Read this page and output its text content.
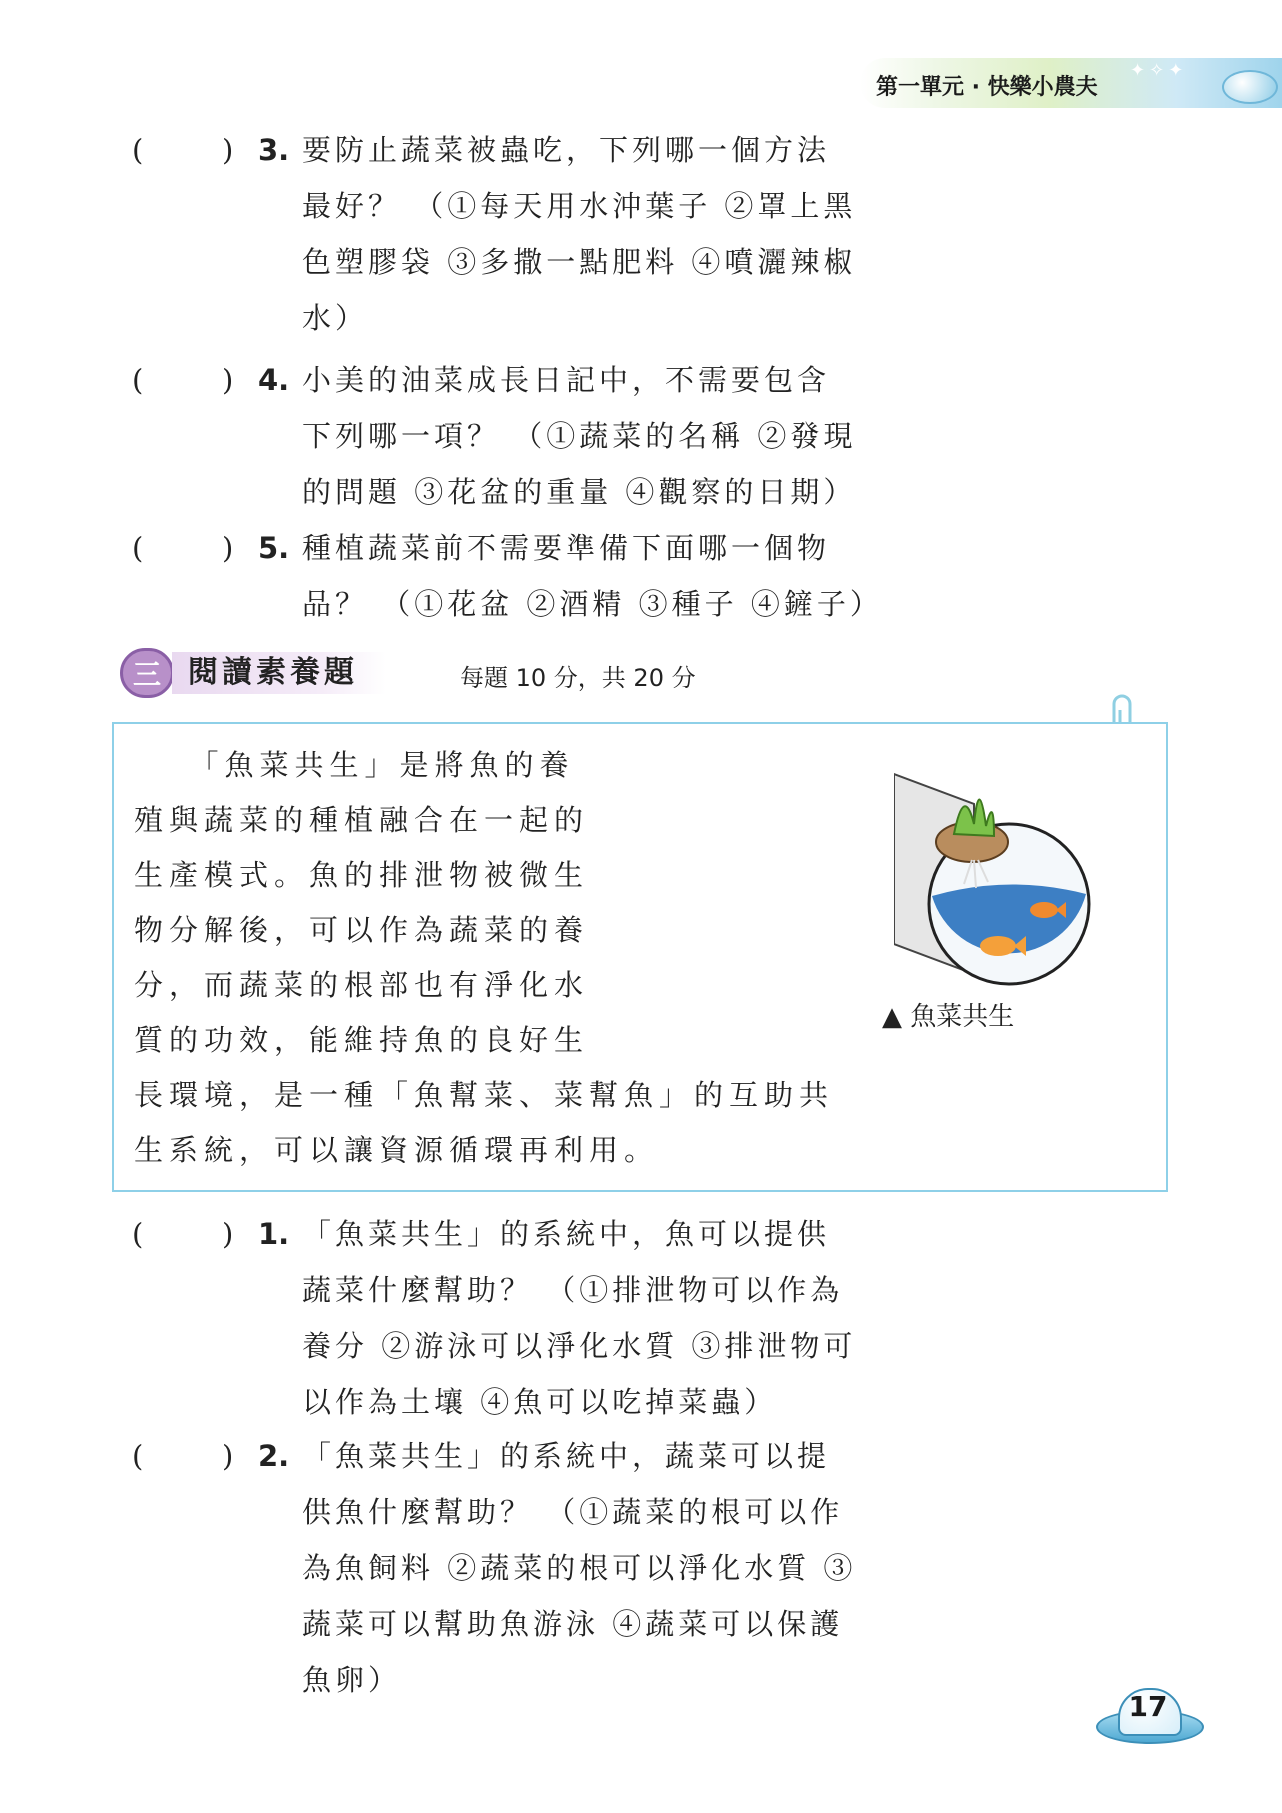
第一單元 · 快樂小農夫
✦ ✧ ✦
(	) 3. 要防止蔬菜被蟲吃，下列哪一個方法
最好？ （①每天用水沖葉子 ②罩上黑
色塑膠袋 ③多撒一點肥料 ④噴灑辣椒
水）
(	) 4. 小美的油菜成長日記中，不需要包含
下列哪一項？ （①蔬菜的名稱 ②發現
的問題 ③花盆的重量 ④觀察的日期）
(	) 5. 種植蔬菜前不需要準備下面哪一個物
品？ （①花盆 ②酒精 ③種子 ④鏟子）
三 閱讀素養題	每題 10 分，共 20 分
　　「魚菜共生」是將魚的養
殖與蔬菜的種植融合在一起的
生產模式。魚的排泄物被微生
物分解後，可以作為蔬菜的養
分，而蔬菜的根部也有淨化水
質的功效，能維持魚的良好生
長環境，是一種「魚幫菜、菜幫魚」的互助共
生系統，可以讓資源循環再利用。
▲ 魚菜共生
(	) 1. 「魚菜共生」的系統中，魚可以提供
蔬菜什麼幫助？ （①排泄物可以作為
養分 ②游泳可以淨化水質 ③排泄物可
以作為土壤 ④魚可以吃掉菜蟲）
(	) 2. 「魚菜共生」的系統中，蔬菜可以提
供魚什麼幫助？ （①蔬菜的根可以作
為魚飼料 ②蔬菜的根可以淨化水質 ③
蔬菜可以幫助魚游泳 ④蔬菜可以保護
魚卵）
17
